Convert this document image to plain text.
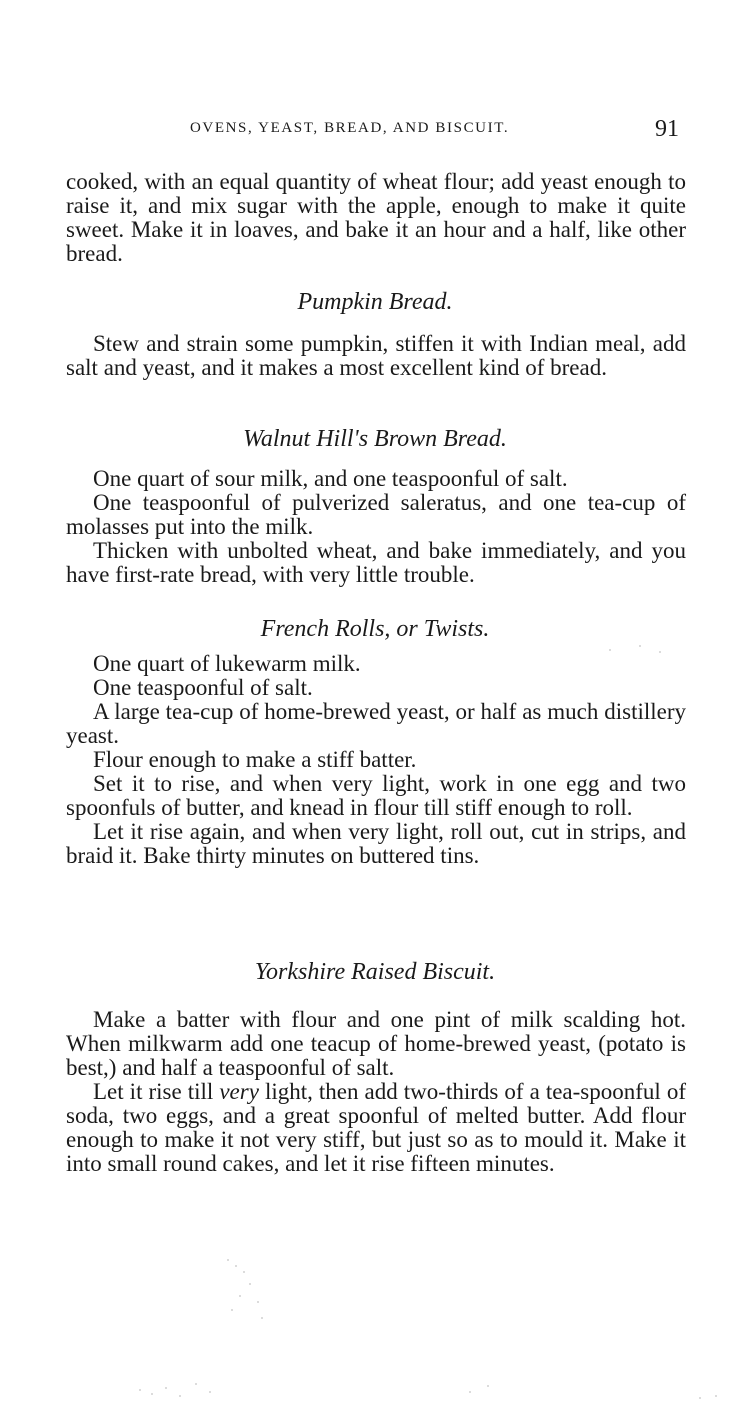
OVENS, YEAST, BREAD, AND BISCUIT.	91

cooked, with an equal quantity of wheat flour; add yeast enough to raise it, and mix sugar with the apple, enough to make it quite sweet. Make it in loaves, and bake it an hour and a half, like other bread.

Pumpkin Bread.

Stew and strain some pumpkin, stiffen it with Indian meal, add salt and yeast, and it makes a most excellent kind of bread.

Walnut Hill's Brown Bread.

One quart of sour milk, and one teaspoonful of salt.

One teaspoonful of pulverized saleratus, and one tea-cup of molasses put into the milk.

Thicken with unbolted wheat, and bake immediately, and you have first-rate bread, with very little trouble.

French Rolls, or Twists.

One quart of lukewarm milk.

One teaspoonful of salt.

A large tea-cup of home-brewed yeast, or half as much distillery yeast.

Flour enough to make a stiff batter.

Set it to rise, and when very light, work in one egg and two spoonfuls of butter, and knead in flour till stiff enough to roll.

Let it rise again, and when very light, roll out, cut in strips, and braid it. Bake thirty minutes on buttered tins.

Yorkshire Raised Biscuit.

Make a batter with flour and one pint of milk scalding hot. When milkwarm add one teacup of home-brewed yeast, (potato is best,) and half a teaspoonful of salt.

Let it rise till very light, then add two-thirds of a tea-spoonful of soda, two eggs, and a great spoonful of melted butter. Add flour enough to make it not very stiff, but just so as to mould it. Make it into small round cakes, and let it rise fifteen minutes.
